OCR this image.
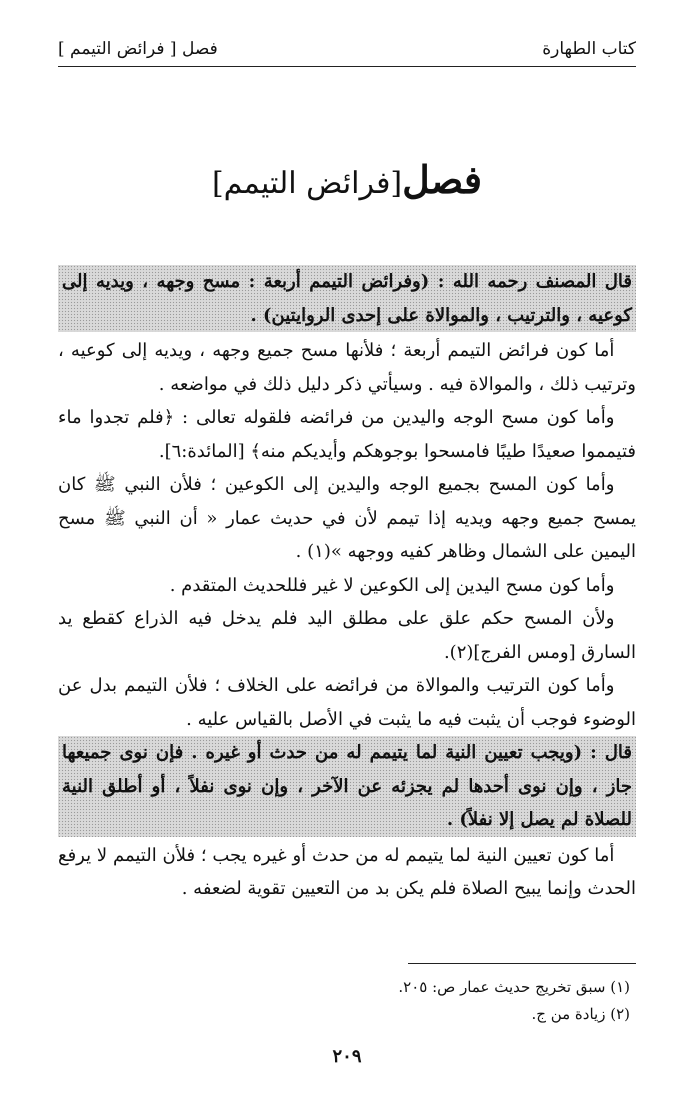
كتاب الطهارة
فصل [ فرائض التيمم ]
فصل[فرائض التيمم]

قال المصنف رحمه الله : (وفرائض التيمم أربعة : مسح وجهه ، ويديه إلى كوعيه ، والترتيب ، والموالاة على إحدى الروايتين) .

أما كون فرائض التيمم أربعة ؛ فلأنها مسح جميع وجهه ، ويديه إلى كوعيه ، وترتيب ذلك ، والموالاة فيه . وسيأتي ذكر دليل ذلك في مواضعه .

وأما كون مسح الوجه واليدين من فرائضه فلقوله تعالى : ﴿فلم تجدوا ماء فتيمموا صعيدًا طيبًا فامسحوا بوجوهكم وأيديكم منه﴾ [المائدة:٦].

وأما كون المسح بجميع الوجه واليدين إلى الكوعين ؛ فلأن النبي ﷺ كان يمسح جميع وجهه ويديه إذا تيمم لأن في حديث عمار « أن النبي ﷺ مسح اليمين على الشمال وظاهر كفيه ووجهه »(١) .

وأما كون مسح اليدين إلى الكوعين لا غير فللحديث المتقدم .

ولأن المسح حكم علق على مطلق اليد فلم يدخل فيه الذراع كقطع يد السارق [ومس الفرج](٢).

وأما كون الترتيب والموالاة من فرائضه على الخلاف ؛ فلأن التيمم بدل عن الوضوء فوجب أن يثبت فيه ما يثبت في الأصل بالقياس عليه .

قال : (ويجب تعيين النية لما يتيمم له من حدث أو غيره . فإن نوى جميعها جاز ، وإن نوى أحدها لم يجزئه عن الآخر ، وإن نوى نفلاً ، أو أطلق النية للصلاة لم يصل إلا نفلاً) .

أما كون تعيين النية لما يتيمم له من حدث أو غيره يجب ؛ فلأن التيمم لا يرفع الحدث وإنما يبيح الصلاة فلم يكن بد من التعيين تقوية لضعفه .

(١) سبق تخريج حديث عمار ص: ٢٠٥.
(٢) زيادة من ج.
٢٠٩
